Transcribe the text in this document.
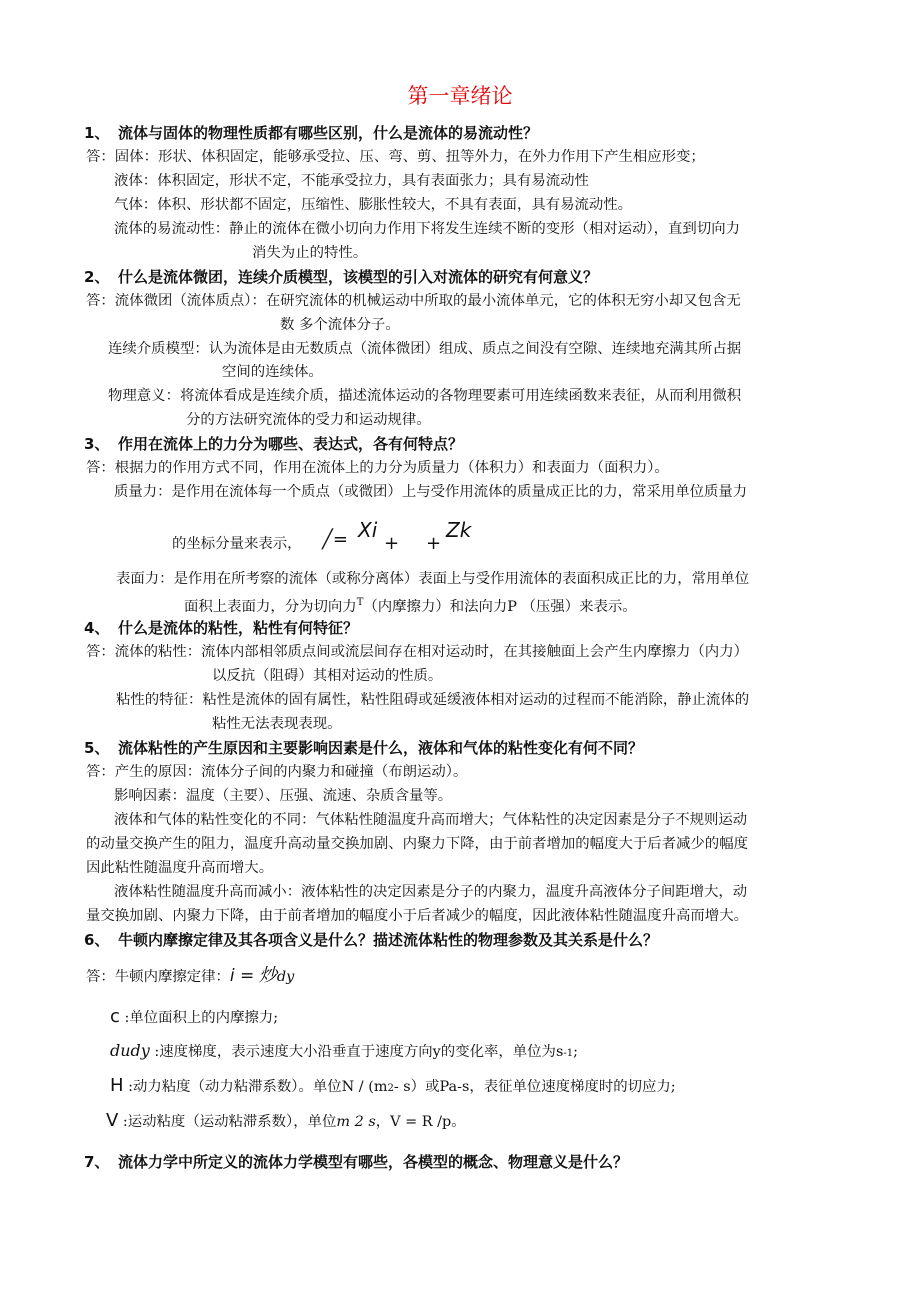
第一章绪论
1、 流体与固体的物理性质都有哪些区别，什么是流体的易流动性？
答：固体：形状、体积固定，能够承受拉、压、弯、剪、扭等外力，在外力作用下产生相应形变；
液体：体积固定，形状不定，不能承受拉力，具有表面张力；具有易流动性
气体：体积、形状都不固定，压缩性、膨胀性较大，不具有表面，具有易流动性。
流体的易流动性：静止的流体在微小切向力作用下将发生连续不断的变形（相对运动），直到切向力
消失为止的特性。
2、 什么是流体微团，连续介质模型，该模型的引入对流体的研究有何意义？
答：流体微团（流体质点）：在研究流体的机械运动中所取的最小流体单元，它的体积无穷小却又包含无
数 多个流体分子。
连续介质模型：认为流体是由无数质点（流体微团）组成、质点之间没有空隙、连续地充满其所占据
空间的连续体。
物理意义：将流体看成是连续介质，描述流体运动的各物理要素可用连续函数来表征，从而利用微积
分的方法研究流体的受力和运动规律。
3、 作用在流体上的力分为哪些、表达式，各有何特点？
答：根据力的作用方式不同，作用在流体上的力分为质量力（体积力）和表面力（面积力）。
质量力：是作用在流体每一个质点（或微团）上与受作用流体的质量成正比的力，常采用单位质量力
的坐标分量来表示， ╱= Xi
+ +
Zk
表面力：是作用在所考察的流体（或称分离体）表面上与受作用流体的表面积成正比的力，常用单位
面积上表面力，分为切向力$^T$（内摩擦力）和法向力P （压强）来表示。
4、 什么是流体的粘性，粘性有何特征？
答：流体的粘性：流体内部相邻质点间或流层间存在相对运动时，在其接触面上会产生内摩擦力（内力）
以反抗（阻碍）其相对运动的性质。
粘性的特征：粘性是流体的固有属性，粘性阻碍或延缓液体相对运动的过程而不能消除，静止流体的
粘性无法表现表现。
5、 流体粘性的产生原因和主要影响因素是什么，液体和气体的粘性变化有何不同？
答：产生的原因：流体分子间的内聚力和碰撞（布朗运动）。
影响因素：温度（主要）、压强、流速、杂质含量等。
液体和气体的粘性变化的不同：气体粘性随温度升高而增大；气体粘性的决定因素是分子不规则运动
的动量交换产生的阻力，温度升高动量交换加剧、内聚力下降，由于前者增加的幅度大于后者减少的幅度
因此粘性随温度升高而增大。
液体粘性随温度升高而减小：液体粘性的决定因素是分子的内聚力，温度升高液体分子间距增大，动
量交换加剧、内聚力下降，由于前者增加的幅度小于后者减少的幅度，因此液体粘性随温度升高而增大。
6、 牛顿内摩擦定律及其各项含义是什么？描述流体粘性的物理参数及其关系是什么？
答：牛顿内摩擦定律：i = 炒dy
c :单位面积上的内摩擦力;
dudy :速度梯度，表示速度大小沿垂直于速度方向y的变化率，单位为s-1;
H :动力粘度（动力粘滞系数）。单位N / (m2- s）或Pa-s，表征单位速度梯度时的切应力;
V :运动粘度（运动粘滞系数），单位m 2 s，V = R /p。
7、 流体力学中所定义的流体力学模型有哪些，各模型的概念、物理意义是什么？
